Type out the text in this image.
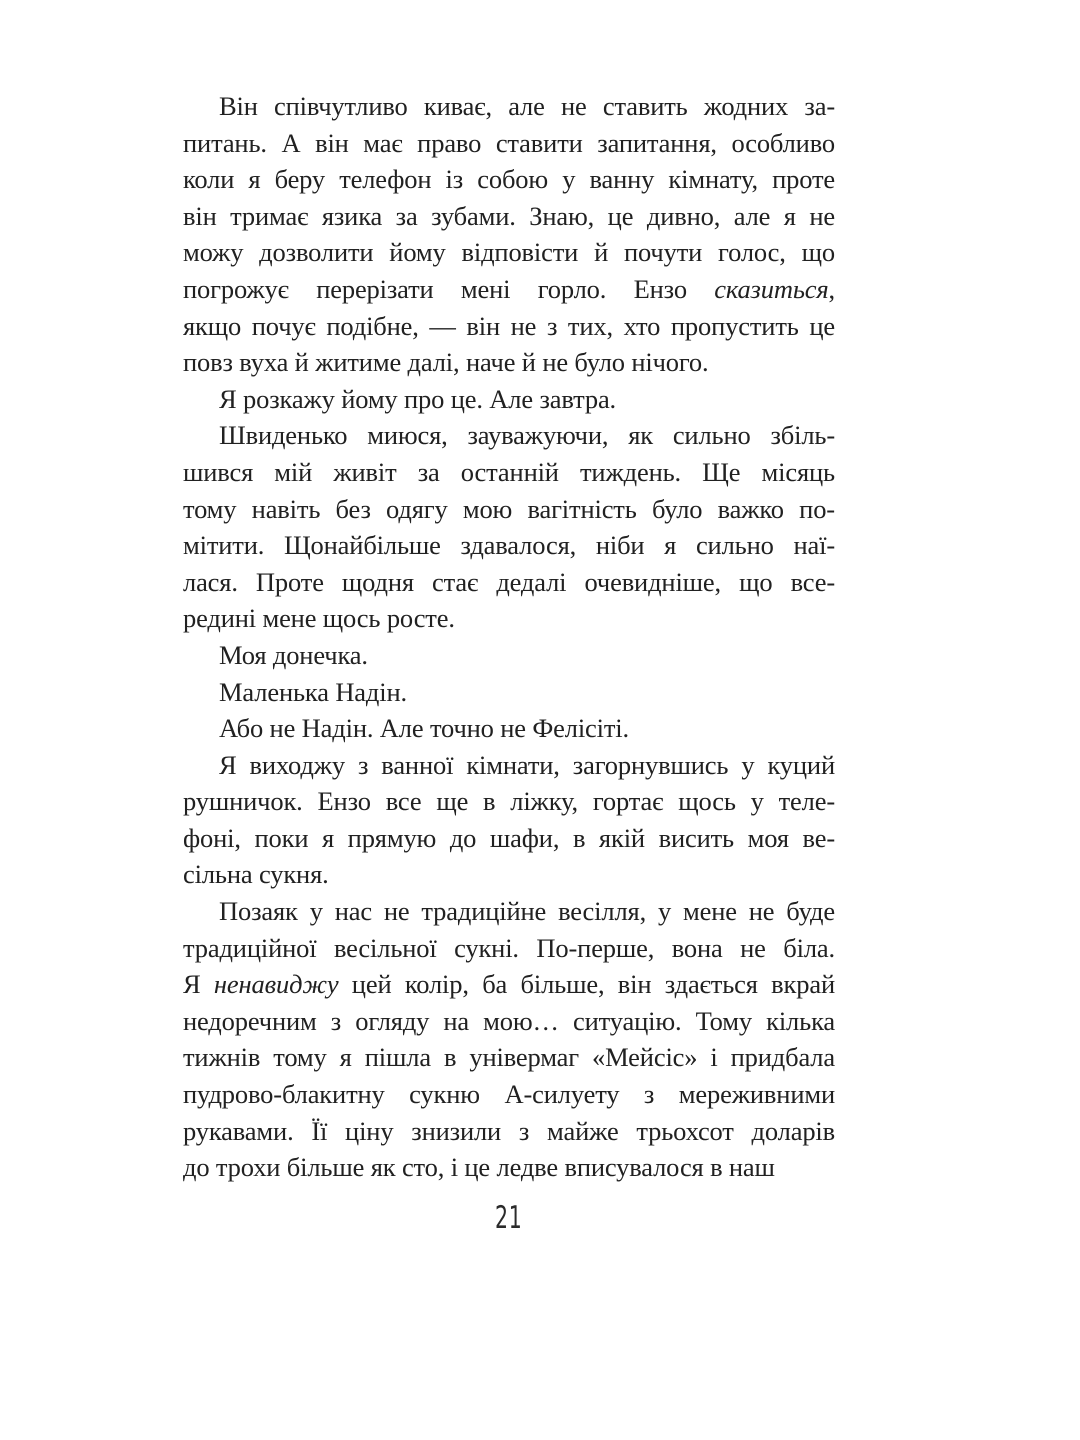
Він співчутливо киває, але не ставить жодних за-
питань. А він має право ставити запитання, особливо
коли я беру телефон із собою у ванну кімнату, проте
він тримає язика за зубами. Знаю, це дивно, але я не
можу дозволити йому відповісти й почути голос, що
погрожує перерізати мені горло. Ензо сказиться,
якщо почує подібне, — він не з тих, хто пропустить це
повз вуха й житиме далі, наче й не було нічого.
Я розкажу йому про це. Але завтра.
Швиденько миюся, зауважуючи, як сильно збіль-
шився мій живіт за останній тиждень. Ще місяць
тому навіть без одягу мою вагітність було важко по-
мітити. Щонайбільше здавалося, ніби я сильно наї-
лася. Проте щодня стає дедалі очевидніше, що все-
редині мене щось росте.
Моя донечка.
Маленька Надін.
Або не Надін. Але точно не Фелісіті.
Я виходжу з ванної кімнати, загорнувшись у куций
рушничок. Ензо все ще в ліжку, гортає щось у теле-
фоні, поки я прямую до шафи, в якій висить моя ве-
сільна сукня.
Позаяк у нас не традиційне весілля, у мене не буде
традиційної весільної сукні. По-перше, вона не біла.
Я ненавиджу цей колір, ба більше, він здається вкрай
недоречним з огляду на мою… ситуацію. Тому кілька
тижнів тому я пішла в універмаг «Мейсіс» і придбала
пудрово-блакитну сукню А-силуету з мереживними
рукавами. Її ціну знизили з майже трьохсот доларів
до трохи більше як сто, і це ледве вписувалося в наш
21
